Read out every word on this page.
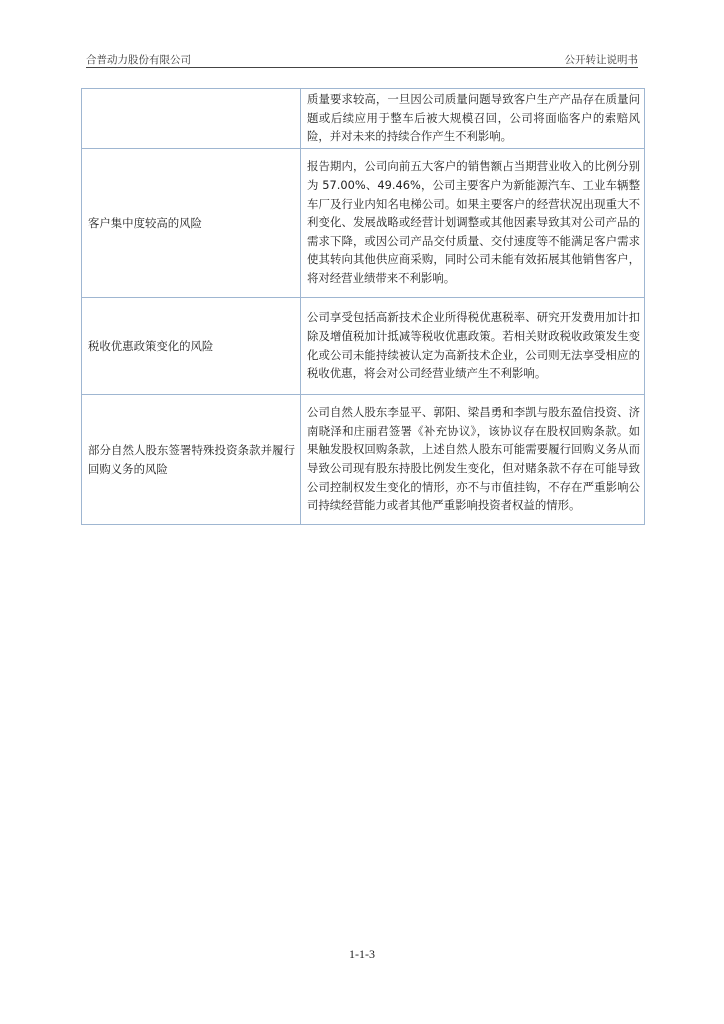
合普动力股份有限公司	公开转让说明书
	质量要求较高，一旦因公司质量问题导致客户生产产品存在质量问题或后续应用于整车后被大规模召回，公司将面临客户的索赔风险，并对未来的持续合作产生不利影响。
客户集中度较高的风险	报告期内，公司向前五大客户的销售额占当期营业收入的比例分别为 57.00%、49.46%，公司主要客户为新能源汽车、工业车辆整车厂及行业内知名电梯公司。如果主要客户的经营状况出现重大不利变化、发展战略或经营计划调整或其他因素导致其对公司产品的需求下降，或因公司产品交付质量、交付速度等不能满足客户需求使其转向其他供应商采购，同时公司未能有效拓展其他销售客户，将对经营业绩带来不利影响。
税收优惠政策变化的风险	公司享受包括高新技术企业所得税优惠税率、研究开发费用加计扣除及增值税加计抵减等税收优惠政策。若相关财政税收政策发生变化或公司未能持续被认定为高新技术企业，公司则无法享受相应的税收优惠，将会对公司经营业绩产生不利影响。
部分自然人股东签署特殊投资条款并履行回购义务的风险	公司自然人股东李显平、郭阳、梁昌勇和李凯与股东盈信投资、济南晓泽和庄丽君签署《补充协议》，该协议存在股权回购条款。如果触发股权回购条款，上述自然人股东可能需要履行回购义务从而导致公司现有股东持股比例发生变化，但对赌条款不存在可能导致公司控制权发生变化的情形，亦不与市值挂钩，不存在严重影响公司持续经营能力或者其他严重影响投资者权益的情形。
1-1-3
